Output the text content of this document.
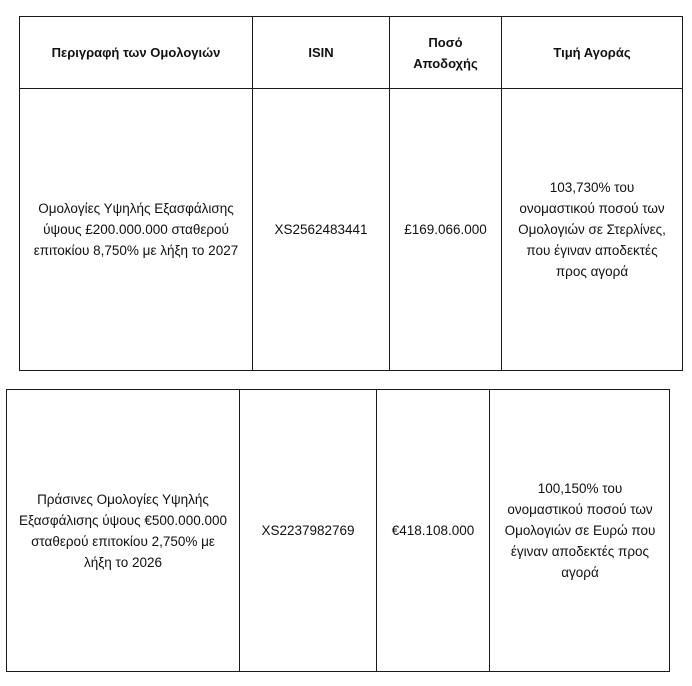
Περιγραφή των Ομολογιών	ISIN	Ποσό Αποδοχής	Τιμή Αγοράς
Ομολογίες Υψηλής Εξασφάλισης ύψους £200.000.000 σταθερού επιτοκίου 8,750% με λήξη το 2027	XS2562483441	£169.066.000	103,730% του ονομαστικού ποσού των Ομολογιών σε Στερλίνες, που έγιναν αποδεκτές προς αγορά
Πράσινες Ομολογίες Υψηλής Εξασφάλισης ύψους €500.000.000 σταθερού επιτοκίου 2,750% με λήξη το 2026	XS2237982769	€418.108.000	100,150% του ονομαστικού ποσού των Ομολογιών σε Ευρώ που έγιναν αποδεκτές προς αγορά
